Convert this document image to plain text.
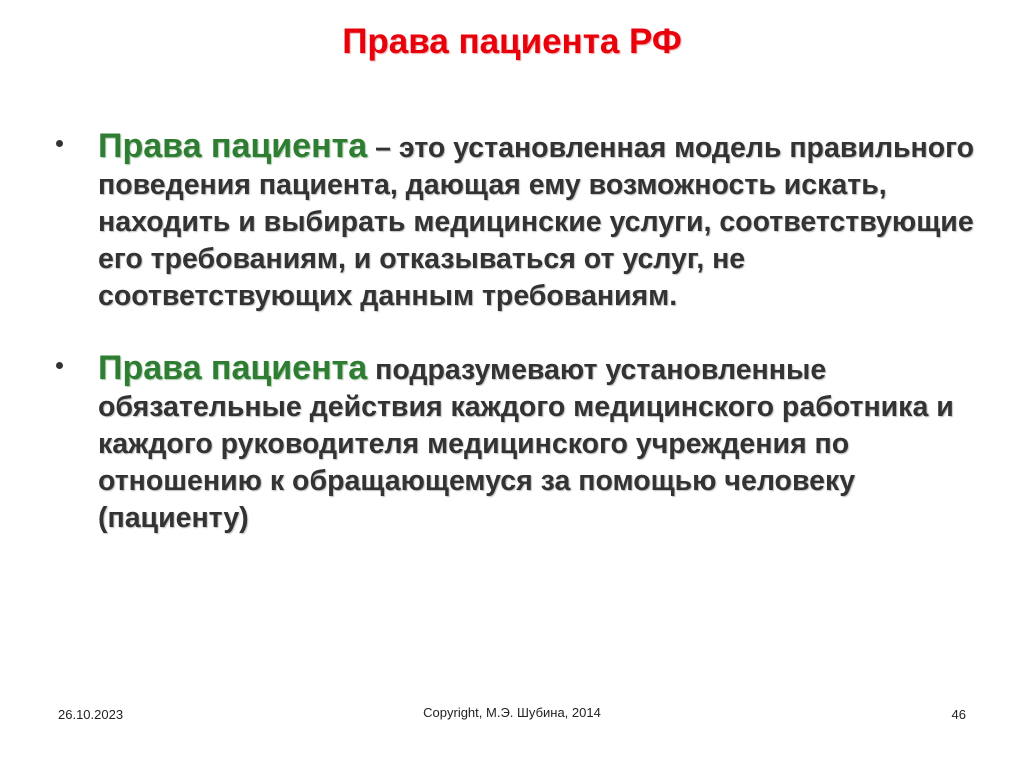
Права пациента РФ
Права пациента – это установленная модель правильного поведения пациента, дающая ему возможность искать, находить и выбирать медицинские услуги, соответствующие его требованиям, и отказываться от услуг, не соответствующих данным требованиям.
Права пациента подразумевают установленные обязательные действия каждого медицинского работника и каждого руководителя медицинского учреждения по отношению к обращающемуся за помощью человеку (пациенту)
26.10.2023	Copyright, М.Э. Шубина, 2014	46
